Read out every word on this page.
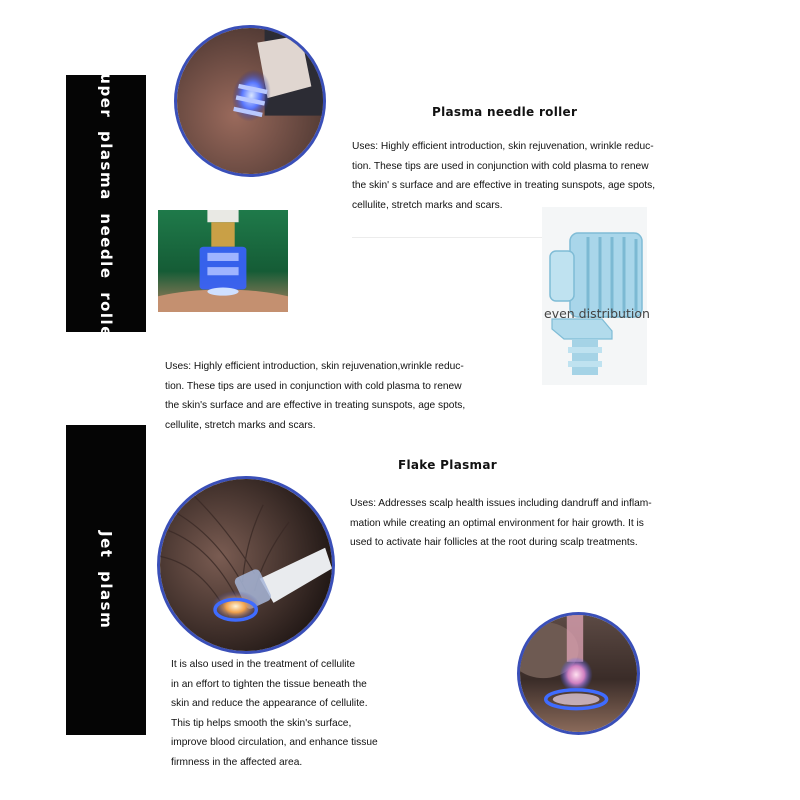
Super plasma needle roller
Jet plasm
Plasma needle roller
Uses: Highly efficient introduction, skin rejuvenation, wrinkle reduc-
tion. These tips are used in conjunction with cold plasma to renew
the skin' s surface and are effective in treating sunspots, age spots,
cellulite, stretch marks and scars.
even distribution
Uses: Highly efficient introduction, skin rejuvenation,wrinkle reduc-
tion. These tips are used in conjunction with cold plasma to renew
the skin's surface and are effective in treating sunspots, age spots,
cellulite, stretch marks and scars.
Flake Plasmar
Uses: Addresses scalp health issues including dandruff and inflam-
mation while creating an optimal environment for hair growth. It is
used to activate hair follicles at the root during scalp treatments.
It is also used in the treatment of cellulite
in an effort to tighten the tissue beneath the
skin and reduce the appearance of cellulite.
This tip helps smooth the skin's surface,
improve blood circulation, and enhance tissue
firmness in the affected area.
